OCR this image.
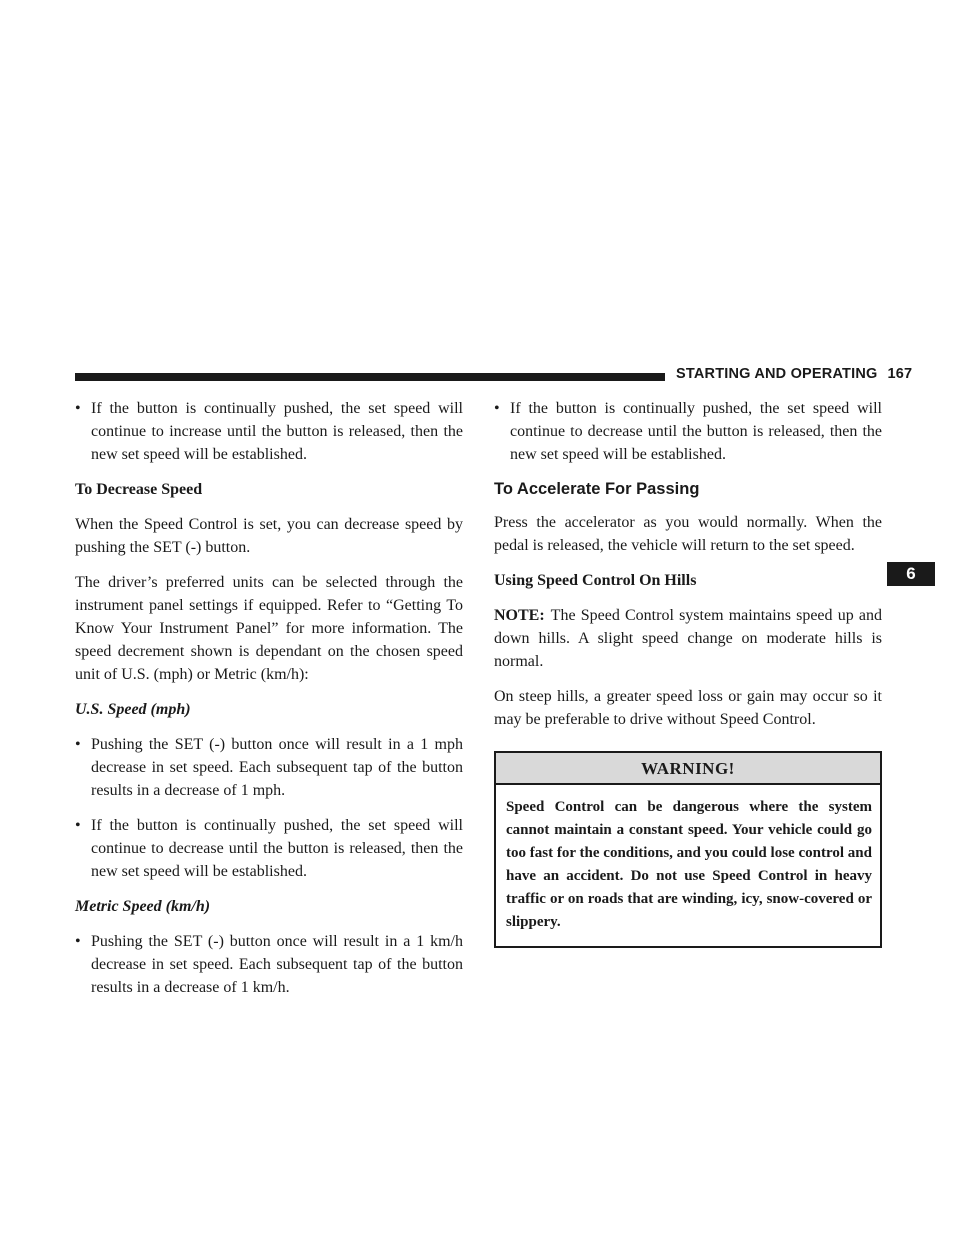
STARTING AND OPERATING 167
6
• If the button is continually pushed, the set speed will continue to increase until the button is released, then the new set speed will be established.
To Decrease Speed

When the Speed Control is set, you can decrease speed by pushing the SET (-) button.

The driver’s preferred units can be selected through the instrument panel settings if equipped. Refer to “Getting To Know Your Instrument Panel” for more information. The speed decrement shown is dependant on the chosen speed unit of U.S. (mph) or Metric (km/h):

U.S. Speed (mph)
• Pushing the SET (-) button once will result in a 1 mph decrease in set speed. Each subsequent tap of the button results in a decrease of 1 mph.
• If the button is continually pushed, the set speed will continue to decrease until the button is released, then the new set speed will be established.
Metric Speed (km/h)
• Pushing the SET (-) button once will result in a 1 km/h decrease in set speed. Each subsequent tap of the button results in a decrease of 1 km/h.
• If the button is continually pushed, the set speed will continue to decrease until the button is released, then the new set speed will be established.
To Accelerate For Passing

Press the accelerator as you would normally. When the pedal is released, the vehicle will return to the set speed.

Using Speed Control On Hills

NOTE: The Speed Control system maintains speed up and down hills. A slight speed change on moderate hills is normal.

On steep hills, a greater speed loss or gain may occur so it may be preferable to drive without Speed Control.

WARNING!
Speed Control can be dangerous where the system cannot maintain a constant speed. Your vehicle could go too fast for the conditions, and you could lose control and have an accident. Do not use Speed Control in heavy traffic or on roads that are winding, icy, snow-covered or slippery.
